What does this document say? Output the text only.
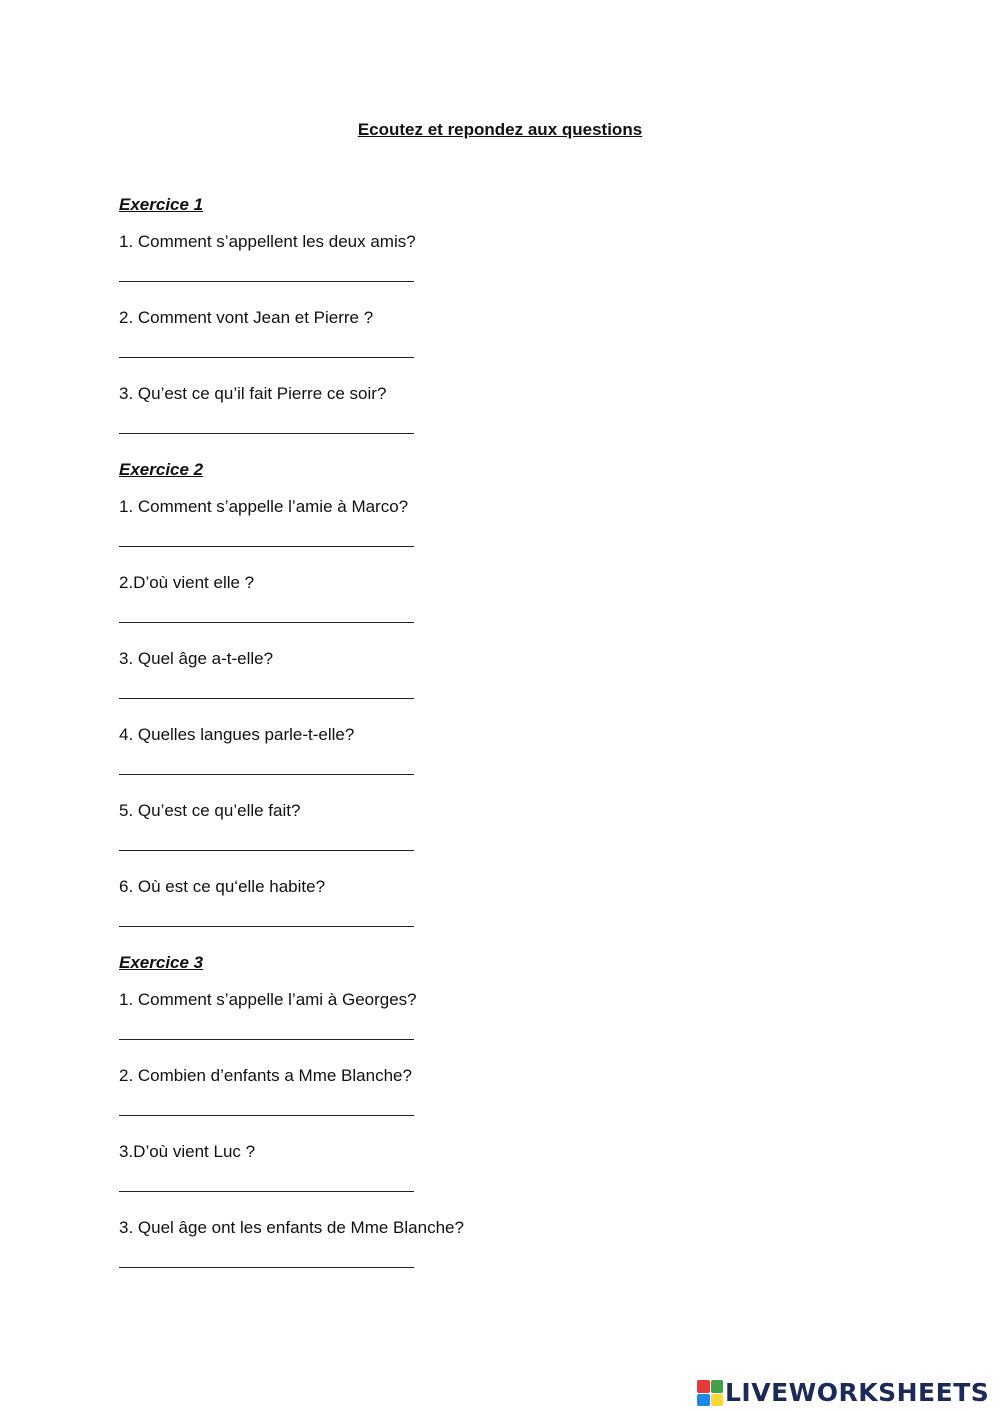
Ecoutez et repondez aux questions
Exercice 1
1. Comment s’appellent les deux amis?
2. Comment vont Jean et Pierre ?
3. Qu’est ce qu’il fait Pierre ce soir?
Exercice 2
1. Comment s’appelle l’amie à Marco?
2.D’où vient elle ?
3. Quel âge a-t-elle?
4. Quelles langues parle-t-elle?
5. Qu’est ce qu’elle fait?
6. Où est ce qu‘elle habite?
Exercice 3
1. Comment s’appelle l’ami à Georges?
2. Combien d’enfants a Mme Blanche?
3.D’où vient Luc ?
3. Quel âge ont les enfants de Mme Blanche?
LIVEWORKSHEETS
